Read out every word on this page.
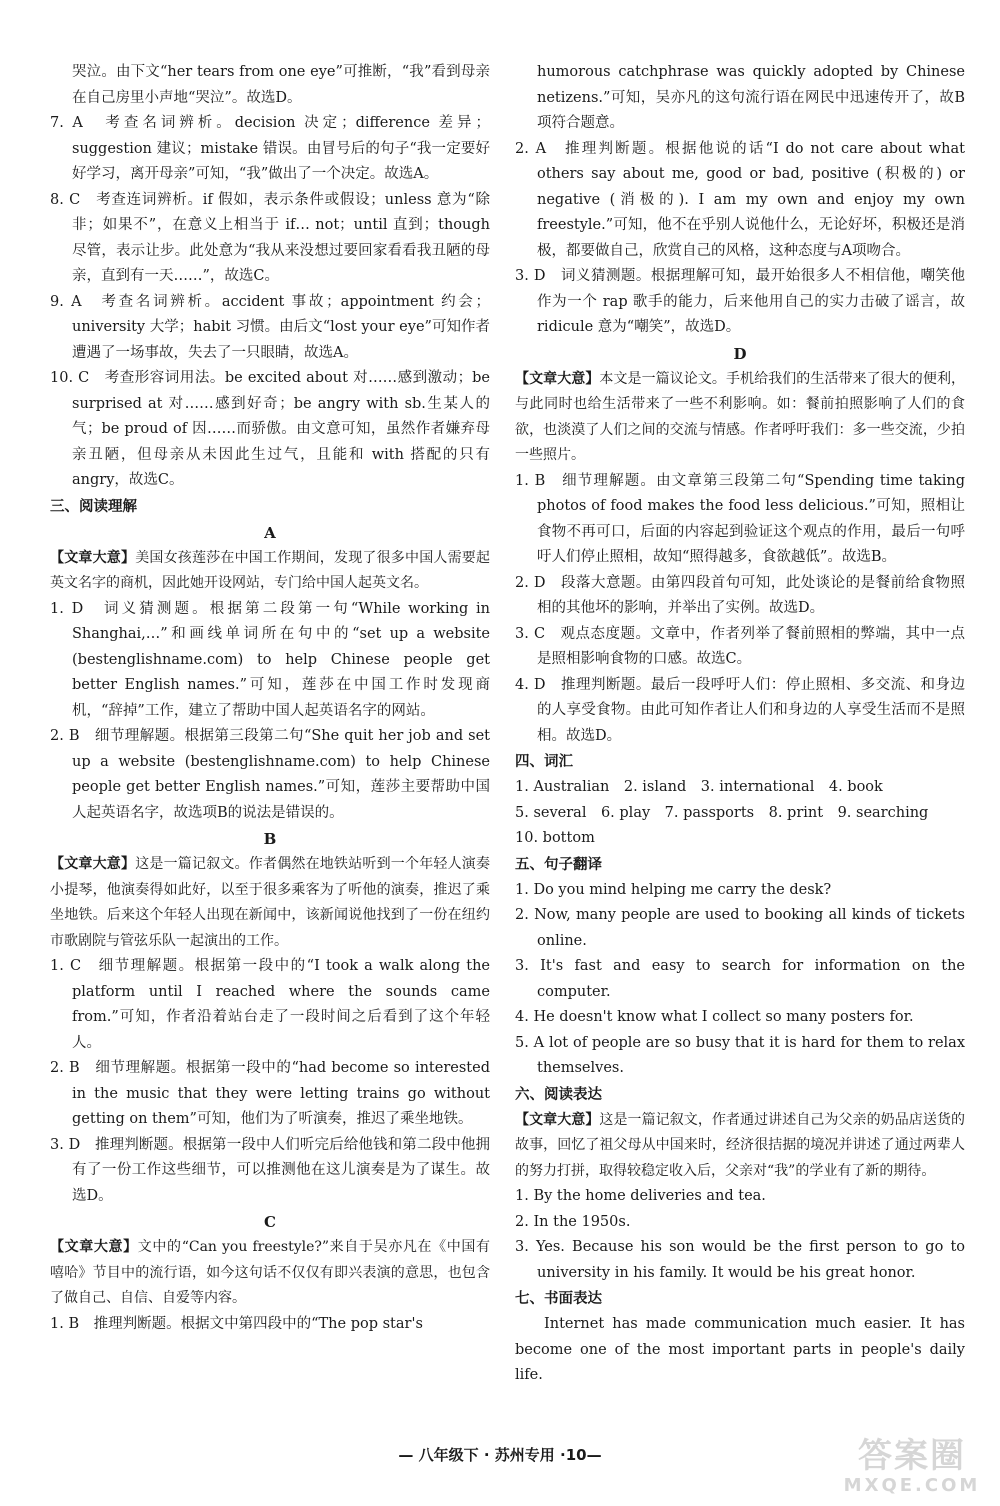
哭泣。由下文“her tears from one eye”可推断，“我”看到母亲在自己房里小声地“哭泣”。故选D。
7. A　考查名词辨析。decision 决定；difference 差异；suggestion 建议；mistake 错误。由冒号后的句子“我一定要好好学习，离开母亲”可知，“我”做出了一个决定。故选A。
8. C　考查连词辨析。if 假如，表示条件或假设；unless 意为“除非；如果不”，在意义上相当于 if… not；until 直到；though 尽管，表示让步。此处意为“我从来没想过要回家看看我丑陋的母亲，直到有一天……”，故选C。
9. A　考查名词辨析。accident 事故；appointment 约会；university 大学；habit 习惯。由后文“lost your eye”可知作者遭遇了一场事故，失去了一只眼睛，故选A。
10. C　考查形容词用法。be excited about 对……感到激动；be surprised at 对……感到好奇；be angry with sb.生某人的气；be proud of 因……而骄傲。由文意可知，虽然作者嫌弃母亲丑陋，但母亲从未因此生过气，且能和 with 搭配的只有 angry，故选C。
三、阅读理解
A
【文章大意】美国女孩莲莎在中国工作期间，发现了很多中国人需要起英文名字的商机，因此她开设网站，专门给中国人起英文名。
1. D　词义猜测题。根据第二段第一句“While working in Shanghai,…”和画线单词所在句中的“set up a website (bestenglishname.com) to help Chinese people get better English names.”可知，莲莎在中国工作时发现商机，“辞掉”工作，建立了帮助中国人起英语名字的网站。
2. B　细节理解题。根据第三段第二句“She quit her job and set up a website (bestenglishname.com) to help Chinese people get better English names.”可知，莲莎主要帮助中国人起英语名字，故选项B的说法是错误的。
B
【文章大意】这是一篇记叙文。作者偶然在地铁站听到一个年轻人演奏小提琴，他演奏得如此好，以至于很多乘客为了听他的演奏，推迟了乘坐地铁。后来这个年轻人出现在新闻中，该新闻说他找到了一份在纽约市歌剧院与管弦乐队一起演出的工作。
1. C　细节理解题。根据第一段中的“I took a walk along the platform until I reached where the sounds came from.”可知，作者沿着站台走了一段时间之后看到了这个年轻人。
2. B　细节理解题。根据第一段中的“had become so interested in the music that they were letting trains go without getting on them”可知，他们为了听演奏，推迟了乘坐地铁。
3. D　推理判断题。根据第一段中人们听完后给他钱和第二段中他拥有了一份工作这些细节，可以推测他在这儿演奏是为了谋生。故选D。
C
【文章大意】文中的“Can you freestyle?”来自于吴亦凡在《中国有嘻哈》节目中的流行语，如今这句话不仅仅有即兴表演的意思，也包含了做自己、自信、自爱等内容。
1. B　推理判断题。根据文中第四段中的“The pop star's
humorous catchphrase was quickly adopted by Chinese netizens.”可知，吴亦凡的这句流行语在网民中迅速传开了，故B项符合题意。
2. A　推理判断题。根据他说的话“I do not care about what others say about me, good or bad, positive (积极的) or negative (消极的). I am my own and enjoy my own freestyle.”可知，他不在乎别人说他什么，无论好坏，积极还是消极，都要做自己，欣赏自己的风格，这种态度与A项吻合。
3. D　词义猜测题。根据理解可知，最开始很多人不相信他，嘲笑他作为一个 rap 歌手的能力，后来他用自己的实力击破了谣言，故 ridicule 意为“嘲笑”，故选D。
D
【文章大意】本文是一篇议论文。手机给我们的生活带来了很大的便利，与此同时也给生活带来了一些不利影响。如：餐前拍照影响了人们的食欲，也淡漠了人们之间的交流与情感。作者呼吁我们：多一些交流，少拍一些照片。
1. B　细节理解题。由文章第三段第二句“Spending time taking photos of food makes the food less delicious.”可知，照相让食物不再可口，后面的内容起到验证这个观点的作用，最后一句呼吁人们停止照相，故知“照得越多，食欲越低”。故选B。
2. D　段落大意题。由第四段首句可知，此处谈论的是餐前给食物照相的其他坏的影响，并举出了实例。故选D。
3. C　观点态度题。文章中，作者列举了餐前照相的弊端，其中一点是照相影响食物的口感。故选C。
4. D　推理判断题。最后一段呼吁人们：停止照相、多交流、和身边的人享受食物。由此可知作者让人们和身边的人享受生活而不是照相。故选D。
四、词汇
1. Australian　2. island　3. international　4. book
5. several　6. play　7. passports　8. print　9. searching
10. bottom
五、句子翻译
1. Do you mind helping me carry the desk?
2. Now, many people are used to booking all kinds of tickets online.
3. It's fast and easy to search for information on the computer.
4. He doesn't know what I collect so many posters for.
5. A lot of people are so busy that it is hard for them to relax themselves.
六、阅读表达
【文章大意】这是一篇记叙文，作者通过讲述自己为父亲的奶品店送货的故事，回忆了祖父母从中国来时，经济很拮据的境况并讲述了通过两辈人的努力打拼，取得较稳定收入后，父亲对“我”的学业有了新的期待。
1. By the home deliveries and tea.
2. In the 1950s.
3. Yes. Because his son would be the first person to go to university in his family. It would be his great honor.
七、书面表达
Internet has made communication much easier. It has become one of the most important parts in people's daily life.
— 八年级下 · 苏州专用 ·10—	答案圈
MXQE.COM
